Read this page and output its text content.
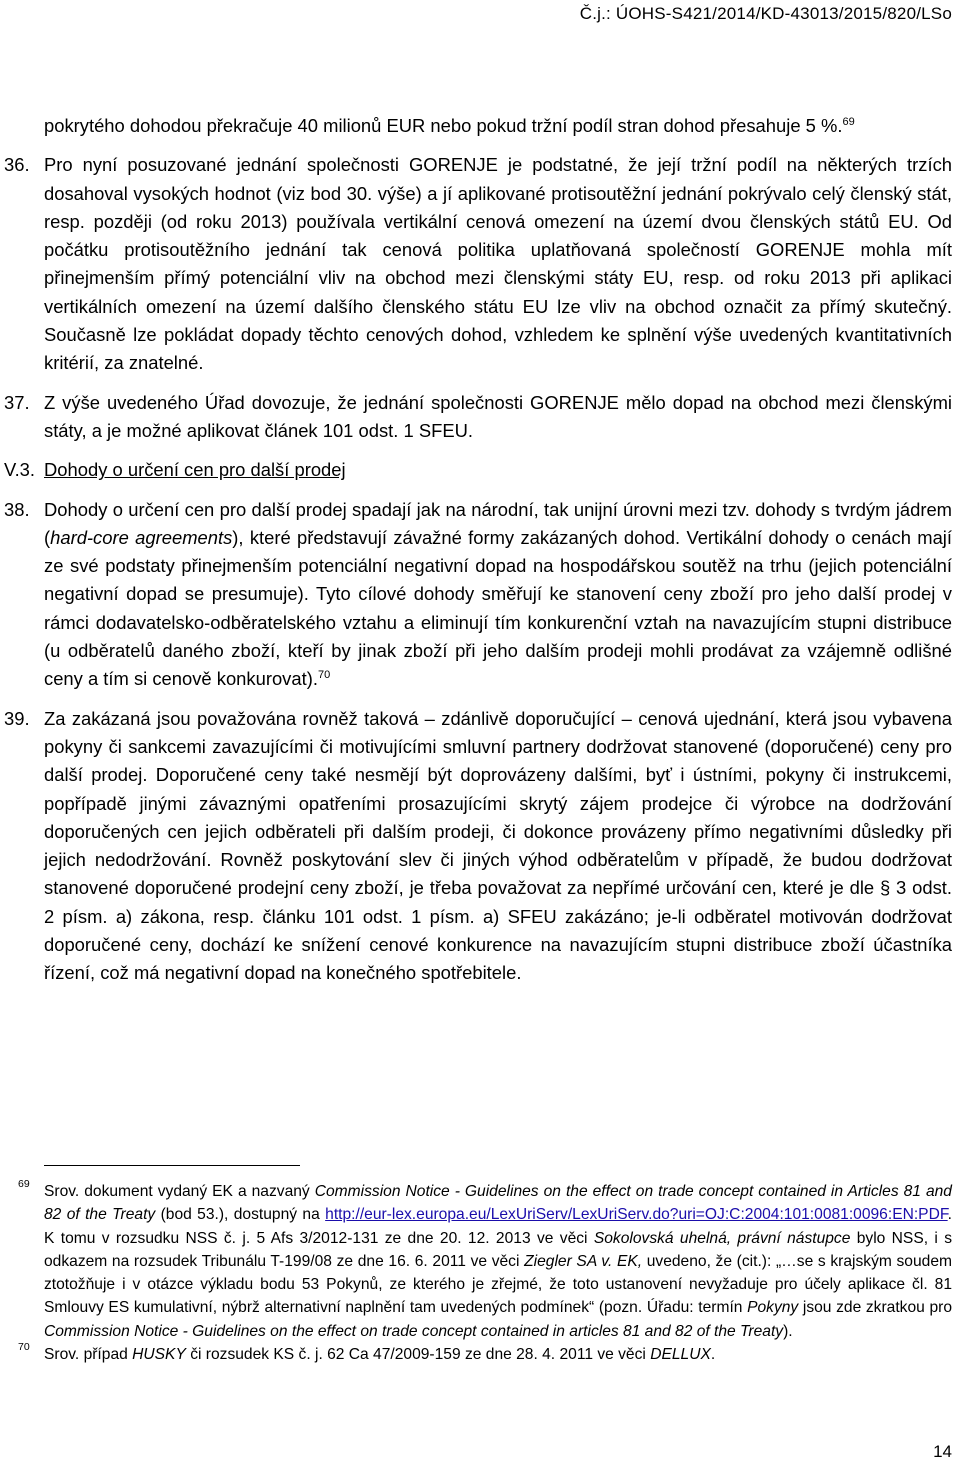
Č.j.: ÚOHS-S421/2014/KD-43013/2015/820/LSo

pokrytého dohodou překračuje 40 milionů EUR nebo pokud tržní podíl stran dohod přesahuje 5 %.$^{69}$

36. Pro nyní posuzované jednání společnosti GORENJE je podstatné, že její tržní podíl na některých trzích dosahoval vysokých hodnot (viz bod 30. výše) a jí aplikované protisoutěžní jednání pokrývalo celý členský stát, resp. později (od roku 2013) používala vertikální cenová omezení na území dvou členských států EU. Od počátku protisoutěžního jednání tak cenová politika uplatňovaná společností GORENJE mohla mít přinejmenším přímý potenciální vliv na obchod mezi členskými státy EU, resp. od roku 2013 při aplikaci vertikálních omezení na území dalšího členského státu EU lze vliv na obchod označit za přímý skutečný. Současně lze pokládat dopady těchto cenových dohod, vzhledem ke splnění výše uvedených kvantitativních kritérií, za znatelné.

37. Z výše uvedeného Úřad dovozuje, že jednání společnosti GORENJE mělo dopad na obchod mezi členskými státy, a je možné aplikovat článek 101 odst. 1 SFEU.

V.3. Dohody o určení cen pro další prodej

38. Dohody o určení cen pro další prodej spadají jak na národní, tak unijní úrovni mezi tzv. dohody s tvrdým jádrem (hard-core agreements), které představují závažné formy zakázaných dohod. Vertikální dohody o cenách mají ze své podstaty přinejmenším potenciální negativní dopad na hospodářskou soutěž na trhu (jejich potenciální negativní dopad se presumuje). Tyto cílové dohody směřují ke stanovení ceny zboží pro jeho další prodej v rámci dodavatelsko-odběratelského vztahu a eliminují tím konkurenční vztah na navazujícím stupni distribuce (u odběratelů daného zboží, kteří by jinak zboží při jeho dalším prodeji mohli prodávat za vzájemně odlišné ceny a tím si cenově konkurovat).$^{70}$

39. Za zakázaná jsou považována rovněž taková – zdánlivě doporučující – cenová ujednání, která jsou vybavena pokyny či sankcemi zavazujícími či motivujícími smluvní partnery dodržovat stanovené (doporučené) ceny pro další prodej. Doporučené ceny také nesmějí být doprovázeny dalšími, byť i ústními, pokyny či instrukcemi, popřípadě jinými závaznými opatřeními prosazujícími skrytý zájem prodejce či výrobce na dodržování doporučených cen jejich odběrateli při dalším prodeji, či dokonce provázeny přímo negativními důsledky při jejich nedodržování. Rovněž poskytování slev či jiných výhod odběratelům v případě, že budou dodržovat stanovené doporučené prodejní ceny zboží, je třeba považovat za nepřímé určování cen, které je dle § 3 odst. 2 písm. a) zákona, resp. článku 101 odst. 1 písm. a) SFEU zakázáno; je-li odběratel motivován dodržovat doporučené ceny, dochází ke snížení cenové konkurence na navazujícím stupni distribuce zboží účastníka řízení, což má negativní dopad na konečného spotřebitele.

69 Srov. dokument vydaný EK a nazvaný Commission Notice - Guidelines on the effect on trade concept contained in Articles 81 and 82 of the Treaty (bod 53.), dostupný na http://eur-lex.europa.eu/LexUriServ/LexUriServ.do?uri=OJ:C:2004:101:0081:0096:EN:PDF. K tomu v rozsudku NSS č. j. 5 Afs 3/2012-131 ze dne 20. 12. 2013 ve věci Sokolovská uhelná, právní nástupce bylo NSS, i s odkazem na rozsudek Tribunálu T-199/08 ze dne 16. 6. 2011 ve věci Ziegler SA v. EK, uvedeno, že (cit.): „…se s krajským soudem ztotožňuje i v otázce výkladu bodu 53 Pokynů, ze kterého je zřejmé, že toto ustanovení nevyžaduje pro účely aplikace čl. 81 Smlouvy ES kumulativní, nýbrž alternativní naplnění tam uvedených podmínek“ (pozn. Úřadu: termín Pokyny jsou zde zkratkou pro Commission Notice - Guidelines on the effect on trade concept contained in articles 81 and 82 of the Treaty).

70 Srov. případ HUSKY či rozsudek KS č. j. 62 Ca 47/2009-159 ze dne 28. 4. 2011 ve věci DELLUX.

14
